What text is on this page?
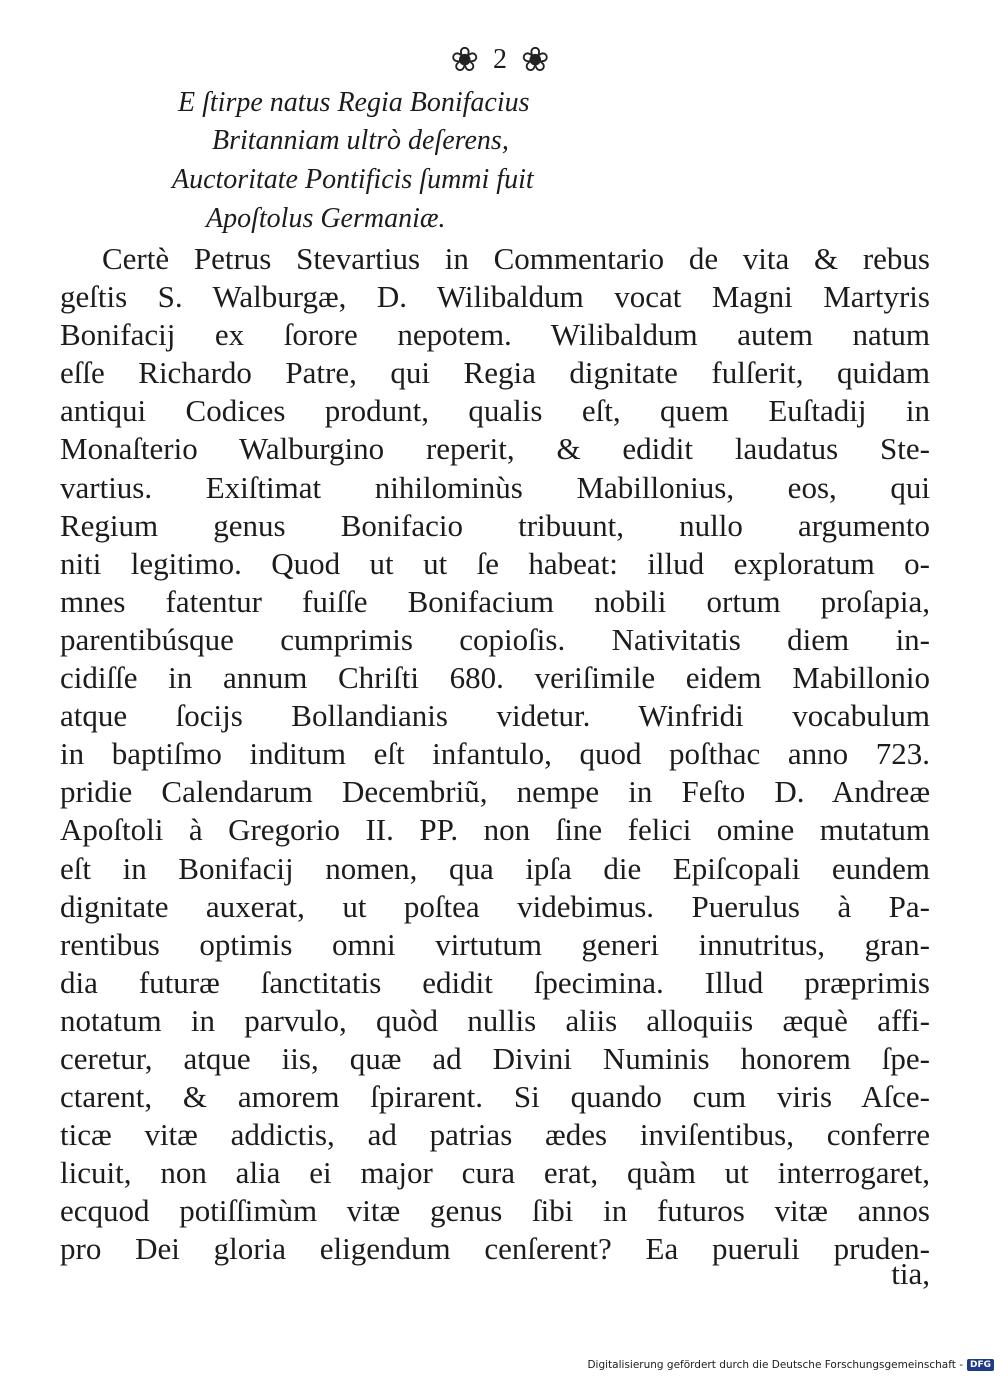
❀ 2 ❀
E ſtirpe natus Regia Bonifacius
Britanniam ultrò deſerens,
Auctoritate Pontificis ſummi fuit
Apoſtolus Germaniæ.
Certè Petrus Stevartius in Commentario de vita & rebus
geſtis S. Walburgæ, D. Wilibaldum vocat Magni Martyris
Bonifacij ex ſorore nepotem. Wilibaldum autem natum
eſſe Richardo Patre, qui Regia dignitate fulſerit, quidam
antiqui Codices produnt, qualis eſt, quem Euſtadij in
Monaſterio Walburgino reperit, & edidit laudatus Ste-
vartius. Exiſtimat nihilominùs Mabillonius, eos, qui
Regium genus Bonifacio tribuunt, nullo argumento
niti legitimo. Quod ut ut ſe habeat: illud exploratum o-
mnes fatentur fuiſſe Bonifacium nobili ortum proſapia,
parentibúsque cumprimis copioſis. Nativitatis diem in-
cidiſſe in annum Chriſti 680. veriſimile eidem Mabillonio
atque ſocijs Bollandianis videtur. Winfridi vocabulum
in baptiſmo inditum eſt infantulo, quod poſthac anno 723.
pridie Calendarum Decembriũ, nempe in Feſto D. Andreæ
Apoſtoli à Gregorio II. PP. non ſine felici omine mutatum
eſt in Bonifacij nomen, qua ipſa die Epiſcopali eundem
dignitate auxerat, ut poſtea videbimus. Puerulus à Pa-
rentibus optimis omni virtutum generi innutritus, gran-
dia futuræ ſanctitatis edidit ſpecimina. Illud præprimis
notatum in parvulo, quòd nullis aliis alloquiis æquè affi-
ceretur, atque iis, quæ ad Divini Numinis honorem ſpe-
ctarent, & amorem ſpirarent. Si quando cum viris Aſce-
ticæ vitæ addictis, ad patrias ædes inviſentibus, conferre
licuit, non alia ei major cura erat, quàm ut interrogaret,
ecquod potiſſimùm vitæ genus ſibi in futuros vitæ annos
pro Dei gloria eligendum cenſerent? Ea pueruli pruden-
tia,
Digitalisierung gefördert durch die Deutsche Forschungsgemeinschaft - DFG
